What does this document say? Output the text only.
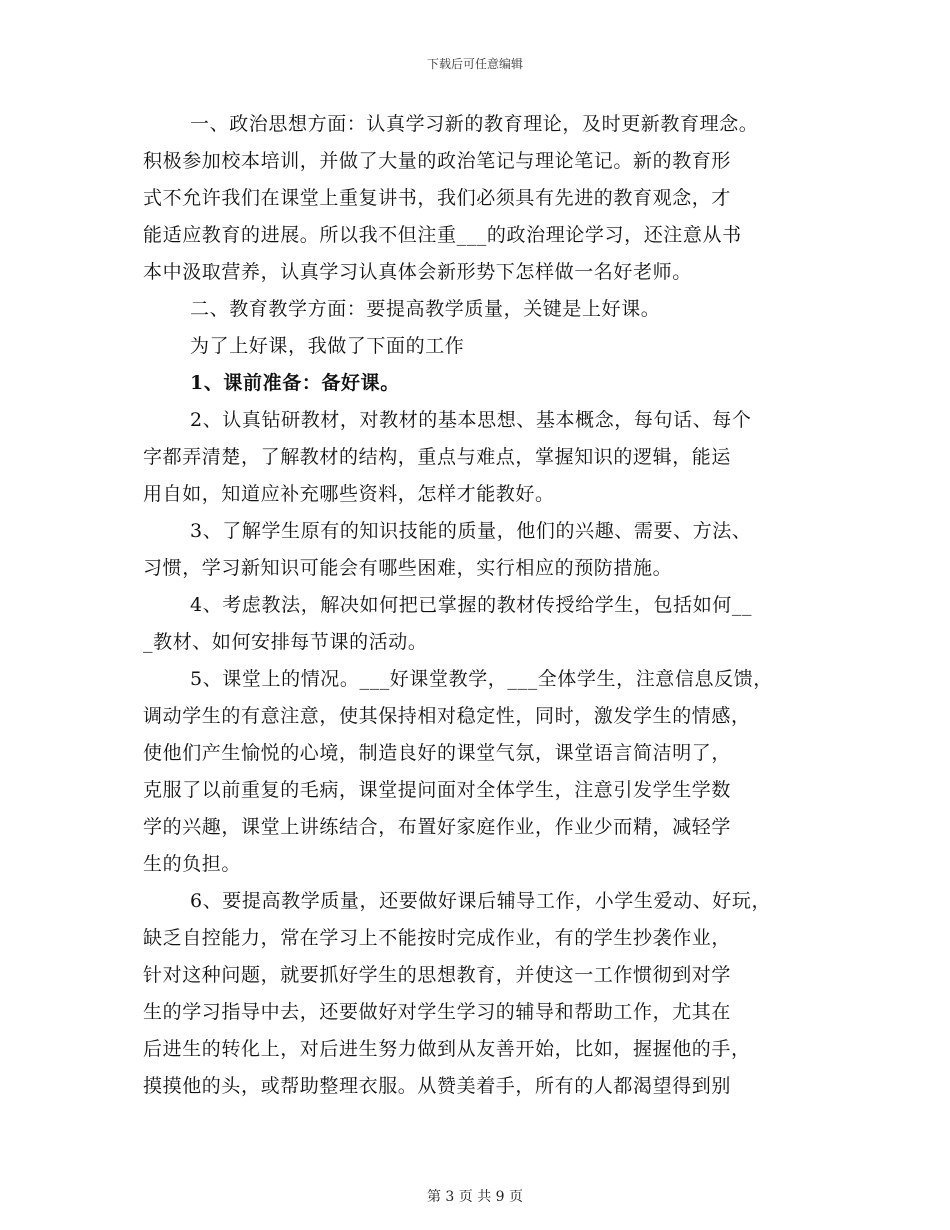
下载后可任意编辑
一、政治思想方面：认真学习新的教育理论，及时更新教育理念。
积极参加校本培训，并做了大量的政治笔记与理论笔记。新的教育形
式不允许我们在课堂上重复讲书，我们必须具有先进的教育观念，才
能适应教育的进展。所以我不但注重___的政治理论学习，还注意从书
本中汲取营养，认真学习认真体会新形势下怎样做一名好老师。
二、教育教学方面：要提高教学质量，关键是上好课。
为了上好课，我做了下面的工作
1、课前准备：备好课。
2、认真钻研教材，对教材的基本思想、基本概念，每句话、每个
字都弄清楚，了解教材的结构，重点与难点，掌握知识的逻辑，能运
用自如，知道应补充哪些资料，怎样才能教好。
3、了解学生原有的知识技能的质量，他们的兴趣、需要、方法、
习惯，学习新知识可能会有哪些困难，实行相应的预防措施。
4、考虑教法，解决如何把已掌握的教材传授给学生，包括如何__
_教材、如何安排每节课的活动。
5、课堂上的情况。___好课堂教学，___全体学生，注意信息反馈，
调动学生的有意注意，使其保持相对稳定性，同时，激发学生的情感，
使他们产生愉悦的心境，制造良好的课堂气氛，课堂语言简洁明了，
克服了以前重复的毛病，课堂提问面对全体学生，注意引发学生学数
学的兴趣，课堂上讲练结合，布置好家庭作业，作业少而精，减轻学
生的负担。
6、要提高教学质量，还要做好课后辅导工作，小学生爱动、好玩，
缺乏自控能力，常在学习上不能按时完成作业，有的学生抄袭作业，
针对这种问题，就要抓好学生的思想教育，并使这一工作惯彻到对学
生的学习指导中去，还要做好对学生学习的辅导和帮助工作，尤其在
后进生的转化上，对后进生努力做到从友善开始，比如，握握他的手，
摸摸他的头，或帮助整理衣服。从赞美着手，所有的人都渴望得到别
第 3 页 共 9 页
